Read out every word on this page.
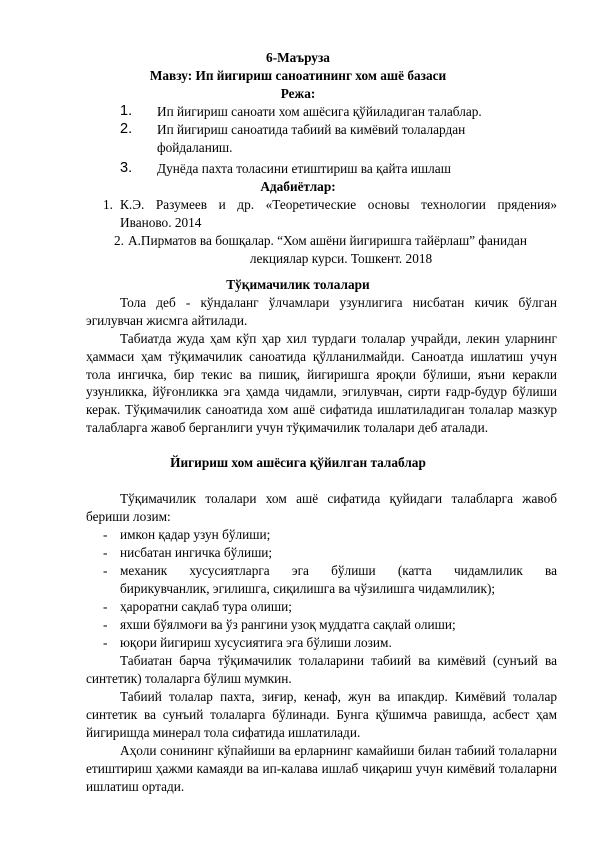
6-Маъруза
Мавзу: Ип йигириш саноатининг хом ашё базаси
Режа:
1. Ип йигириш саноати хом ашёсига қўйиладиган талаблар.
2. Ип йигириш саноатида табиий ва кимёвий толалардан фойдаланиш.
3. Дунёда пахта толасини етиштириш ва қайта ишлаш
Адабиётлар:
1. К.Э. Разумеев и др. «Теоретические основы технологии прядения»
Иваново. 2014
2. А.Пирматов ва бошқалар. “Хом ашёни йигиришга тайёрлаш” фанидан
лекциялар курси. Тошкент. 2018
Тўқимачилик толалари
Тола деб - кўндаланг ўлчамлари узунлигига нисбатан кичик бўлган эгилувчан жисмга айтилади.
Табиатда жуда ҳам кўп ҳар хил турдаги толалар учрайди, лекин уларнинг ҳаммаси ҳам тўқимачилик саноатида қўлланилмайди. Саноатда ишлатиш учун тола ингичка, бир текис ва пишиқ, йигиришга яроқли бўлиши, яъни керакли узунликка, йўғонликка эга ҳамда чидамли, эгилувчан, сирти ғадр-будур бўлиши керак. Тўқимачилик саноатида хом ашё сифатида ишлатиладиган толалар мазкур талабларга жавоб берганлиги учун тўқимачилик толалари деб аталади.
Йигириш хом ашёсига қўйилган талаблар
Тўқимачилик толалари хом ашё сифатида қуйидаги талабларга жавоб бериши лозим:
- имкон қадар узун бўлиши;
- нисбатан ингичка бўлиши;
- механик хусусиятларга эга бўлиши (катта чидамлилик ва
бирикувчанлик, эгилишга, сиқилишга ва чўзилишга чидамлилик);
- ҳароратни сақлаб тура олиши;
- яхши бўялмоғи ва ўз рангини узоқ муддатга сақлай олиши;
- юқори йигириш хусусиятига эга бўлиши лозим.
Табиатан барча тўқимачилик толаларини табиий ва кимёвий (сунъий ва синтетик) толаларга бўлиш мумкин.
Табиий толалар пахта, зиғир, кенаф, жун ва ипакдир. Кимёвий толалар синтетик ва сунъий толаларга бўлинади. Бунга қўшимча равишда, асбест ҳам йигиришда минерал тола сифатида ишлатилади.
Аҳоли сонининг кўпайиши ва ерларнинг камайиши билан табиий толаларни етиштириш ҳажми камаяди ва ип-калава ишлаб чиқариш учун кимёвий толаларни ишлатиш ортади.
